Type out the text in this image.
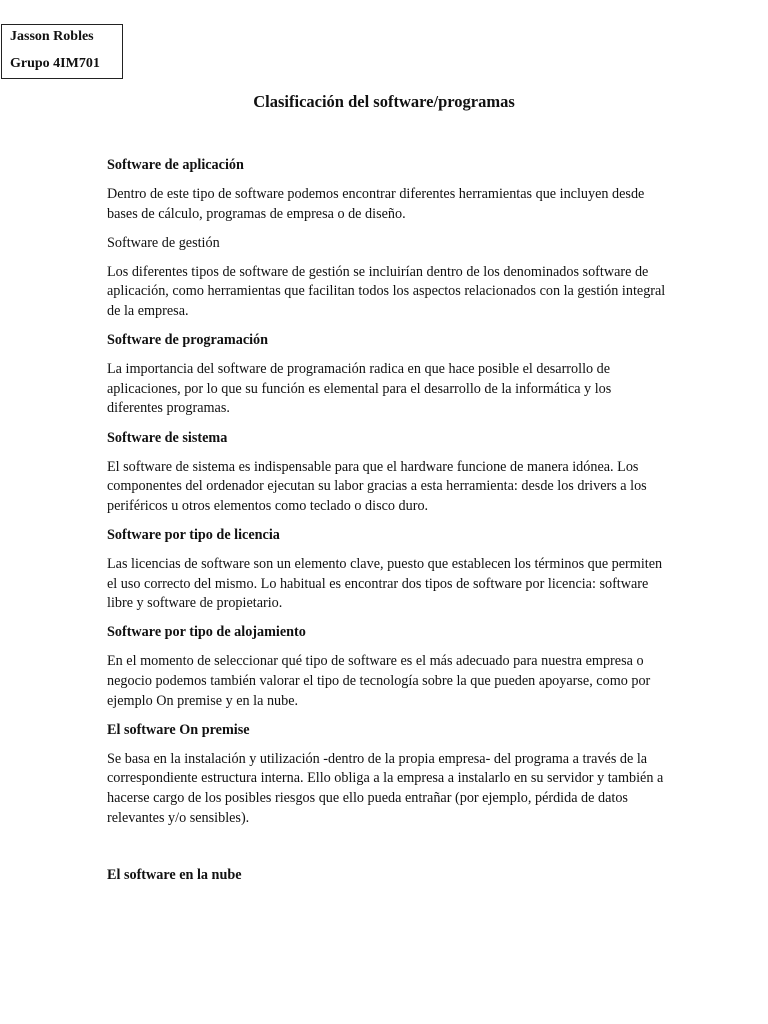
Jasson Robles
Grupo 4IM701
Clasificación del software/programas
Software de aplicación

Dentro de este tipo de software podemos encontrar diferentes herramientas que incluyen desde bases de cálculo, programas de empresa o de diseño.

Software de gestión

Los diferentes tipos de software de gestión se incluirían dentro de los denominados software de aplicación, como herramientas que facilitan todos los aspectos relacionados con la gestión integral de la empresa.

Software de programación

La importancia del software de programación radica en que hace posible el desarrollo de aplicaciones, por lo que su función es elemental para el desarrollo de la informática y los diferentes programas.

Software de sistema

El software de sistema es indispensable para que el hardware funcione de manera idónea. Los componentes del ordenador ejecutan su labor gracias a esta herramienta: desde los drivers a los periféricos u otros elementos como teclado o disco duro.

Software por tipo de licencia

Las licencias de software son un elemento clave, puesto que establecen los términos que permiten el uso correcto del mismo. Lo habitual es encontrar dos tipos de software por licencia: software libre y software de propietario.

Software por tipo de alojamiento

En el momento de seleccionar qué tipo de software es el más adecuado para nuestra empresa o negocio podemos también valorar el tipo de tecnología sobre la que pueden apoyarse, como por ejemplo On premise y en la nube.

El software On premise

Se basa en la instalación y utilización -dentro de la propia empresa- del programa a través de la correspondiente estructura interna. Ello obliga a la empresa a instalarlo en su servidor y también a hacerse cargo de los posibles riesgos que ello pueda entrañar (por ejemplo, pérdida de datos relevantes y/o sensibles).

El software en la nube
